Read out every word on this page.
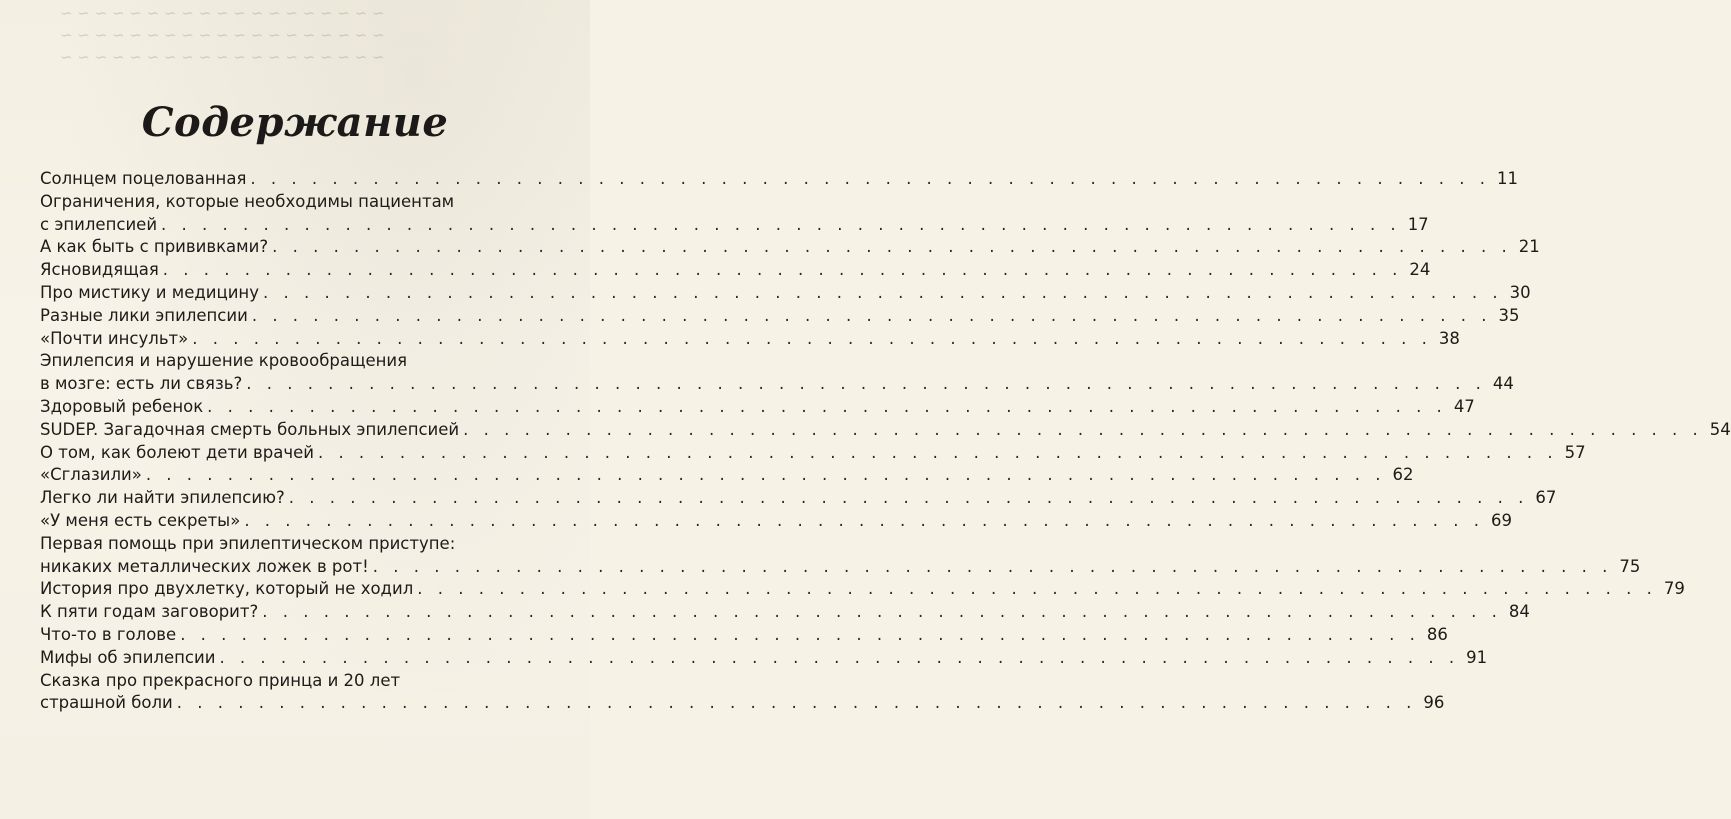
~ ~ ~ ~ ~ ~ ~ ~ ~ ~ ~ ~ ~ ~ ~ ~ ~ ~ ~
~ ~ ~ ~ ~ ~ ~ ~ ~ ~ ~ ~ ~ ~ ~ ~ ~ ~ ~
~ ~ ~ ~ ~ ~ ~ ~ ~ ~ ~ ~ ~ ~ ~ ~ ~ ~ ~
Содержание
Солнцем поцелованная . . . . . . . . . . . . . . . . . . . . . . . . . . . . . . . . . . . . . . . . . . . . . . . . . . . . . . . . . . . . . 11
Ограничения, которые необходимы пациентам
с эпилепсией . . . . . . . . . . . . . . . . . . . . . . . . . . . . . . . . . . . . . . . . . . . . . . . . . . . . . . . . . . . . . 17
А как быть с прививками? . . . . . . . . . . . . . . . . . . . . . . . . . . . . . . . . . . . . . . . . . . . . . . . . . . . . . . . . . . . . . 21
Ясновидящая . . . . . . . . . . . . . . . . . . . . . . . . . . . . . . . . . . . . . . . . . . . . . . . . . . . . . . . . . . . . . 24
Про мистику и медицину . . . . . . . . . . . . . . . . . . . . . . . . . . . . . . . . . . . . . . . . . . . . . . . . . . . . . . . . . . . . . 30
Разные лики эпилепсии . . . . . . . . . . . . . . . . . . . . . . . . . . . . . . . . . . . . . . . . . . . . . . . . . . . . . . . . . . . . . 35
«Почти инсульт» . . . . . . . . . . . . . . . . . . . . . . . . . . . . . . . . . . . . . . . . . . . . . . . . . . . . . . . . . . . . . 38
Эпилепсия и нарушение кровообращения
в мозге: есть ли связь? . . . . . . . . . . . . . . . . . . . . . . . . . . . . . . . . . . . . . . . . . . . . . . . . . . . . . . . . . . . . . 44
Здоровый ребенок . . . . . . . . . . . . . . . . . . . . . . . . . . . . . . . . . . . . . . . . . . . . . . . . . . . . . . . . . . . . . 47
SUDEP. Загадочная смерть больных эпилепсией . . . . . . . . . . . . . . . . . . . . . . . . . . . . . . . . . . . . . . . . . . . . . . . . . . . . . . . . . . . . . 54
О том, как болеют дети врачей . . . . . . . . . . . . . . . . . . . . . . . . . . . . . . . . . . . . . . . . . . . . . . . . . . . . . . . . . . . . . 57
«Сглазили» . . . . . . . . . . . . . . . . . . . . . . . . . . . . . . . . . . . . . . . . . . . . . . . . . . . . . . . . . . . . . 62
Легко ли найти эпилепсию? . . . . . . . . . . . . . . . . . . . . . . . . . . . . . . . . . . . . . . . . . . . . . . . . . . . . . . . . . . . . . 67
«У меня есть секреты» . . . . . . . . . . . . . . . . . . . . . . . . . . . . . . . . . . . . . . . . . . . . . . . . . . . . . . . . . . . . . 69
Первая помощь при эпилептическом приступе:
никаких металлических ложек в рот! . . . . . . . . . . . . . . . . . . . . . . . . . . . . . . . . . . . . . . . . . . . . . . . . . . . . . . . . . . . . . 75
История про двухлетку, который не ходил . . . . . . . . . . . . . . . . . . . . . . . . . . . . . . . . . . . . . . . . . . . . . . . . . . . . . . . . . . . . . 79
К пяти годам заговорит? . . . . . . . . . . . . . . . . . . . . . . . . . . . . . . . . . . . . . . . . . . . . . . . . . . . . . . . . . . . . . 84
Что-то в голове . . . . . . . . . . . . . . . . . . . . . . . . . . . . . . . . . . . . . . . . . . . . . . . . . . . . . . . . . . . . . 86
Мифы об эпилепсии . . . . . . . . . . . . . . . . . . . . . . . . . . . . . . . . . . . . . . . . . . . . . . . . . . . . . . . . . . . . . 91
Сказка про прекрасного принца и 20 лет
страшной боли . . . . . . . . . . . . . . . . . . . . . . . . . . . . . . . . . . . . . . . . . . . . . . . . . . . . . . . . . . . . . 96
